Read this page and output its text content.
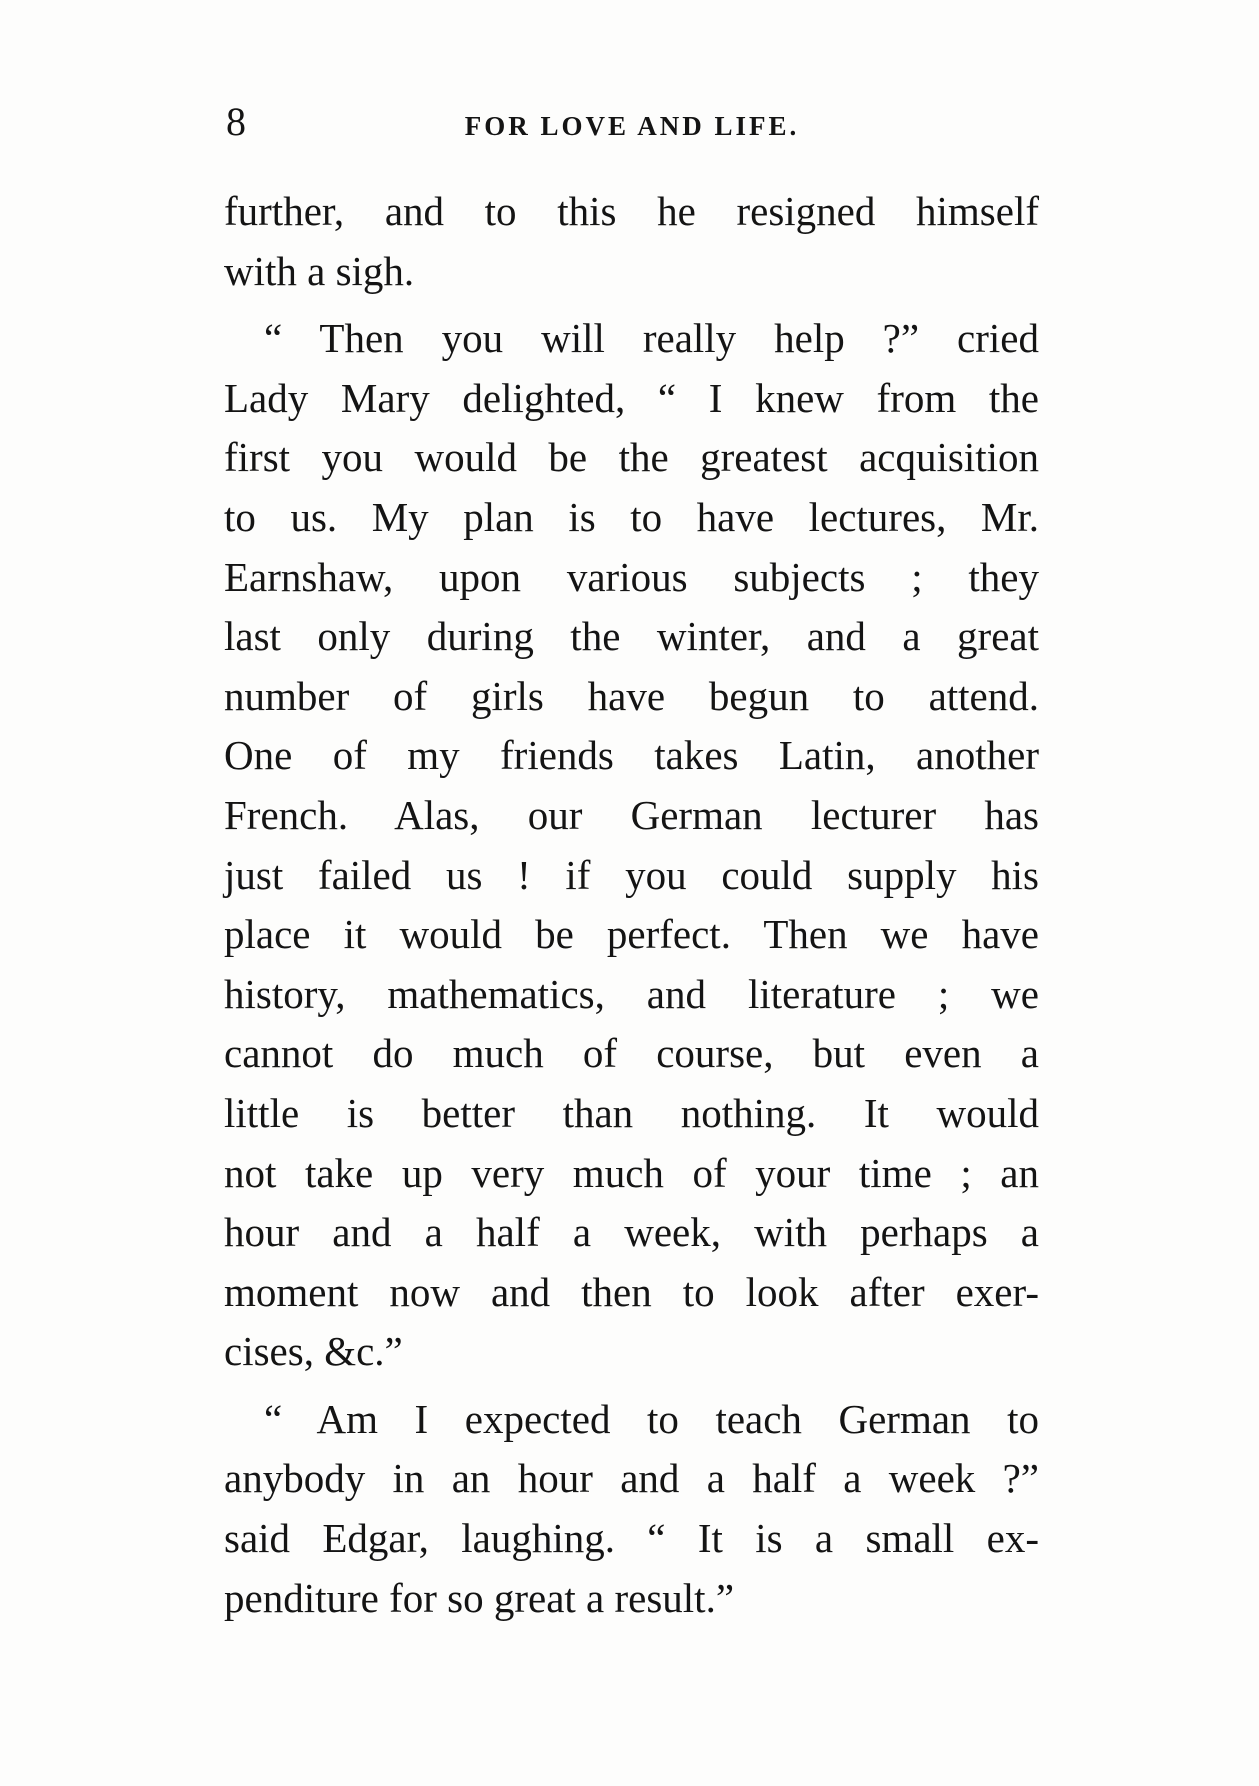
8	FOR LOVE AND LIFE.
further, and to this he resigned himself
with a sigh.
“ Then you will really help ?” cried
Lady Mary delighted, “ I knew from the
first you would be the greatest acquisition
to us. My plan is to have lectures, Mr.
Earnshaw, upon various subjects ; they
last only during the winter, and a great
number of girls have begun to attend.
One of my friends takes Latin, another
French. Alas, our German lecturer has
just failed us ! if you could supply his
place it would be perfect. Then we have
history, mathematics, and literature ; we
cannot do much of course, but even a
little is better than nothing. It would
not take up very much of your time ; an
hour and a half a week, with perhaps a
moment now and then to look after exer-
cises, &c.”
“ Am I expected to teach German to
anybody in an hour and a half a week ?”
said Edgar, laughing. “ It is a small ex-
penditure for so great a result.”
